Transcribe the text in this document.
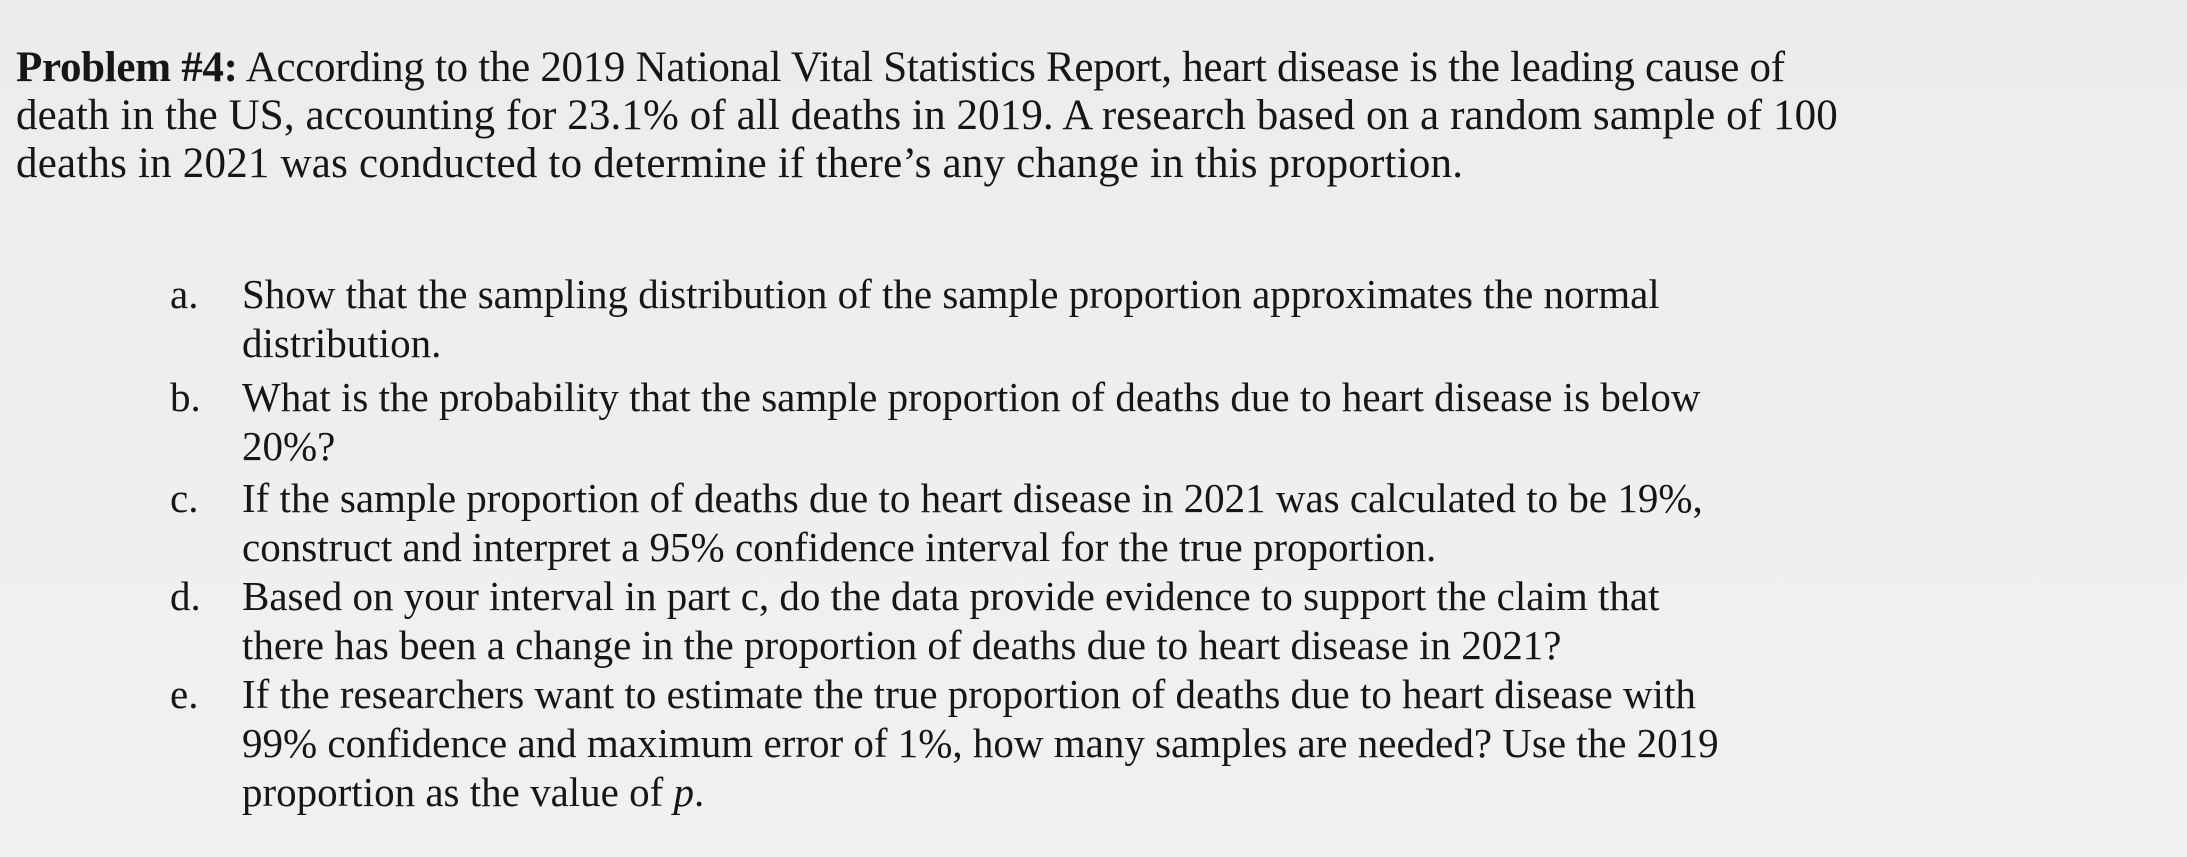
Problem #4: According to the 2019 National Vital Statistics Report, heart disease is the leading cause of
death in the US, accounting for 23.1% of all deaths in 2019. A research based on a random sample of 100
deaths in 2021 was conducted to determine if there’s any change in this proportion.
a. Show that the sampling distribution of the sample proportion approximates the normal
distribution.
b. What is the probability that the sample proportion of deaths due to heart disease is below
20%?
c. If the sample proportion of deaths due to heart disease in 2021 was calculated to be 19%,
construct and interpret a 95% confidence interval for the true proportion.
d. Based on your interval in part c, do the data provide evidence to support the claim that
there has been a change in the proportion of deaths due to heart disease in 2021?
e. If the researchers want to estimate the true proportion of deaths due to heart disease with
99% confidence and maximum error of 1%, how many samples are needed? Use the 2019
proportion as the value of p.
